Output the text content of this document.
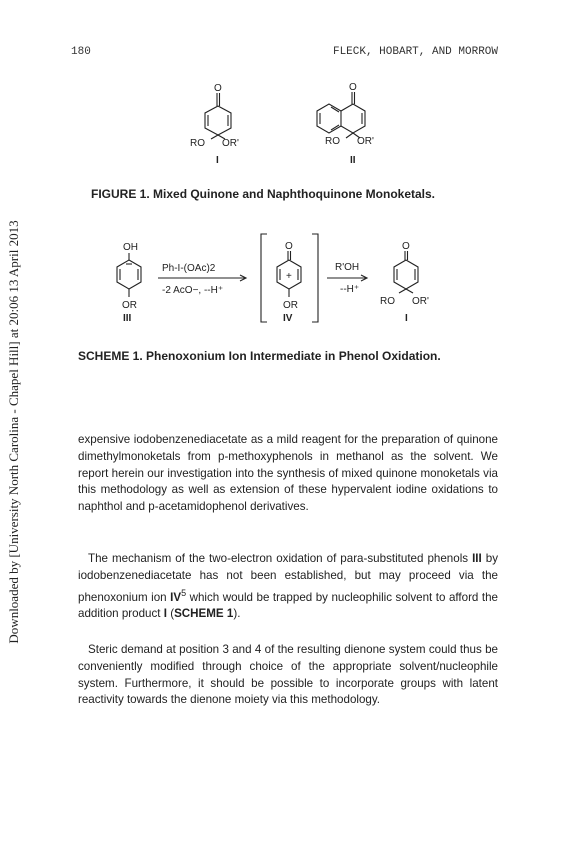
Downloaded by [University North Carolina - Chapel Hill] at 20:06 13 April 2013
180	FLECK, HOBART, AND MORROW
O
RO OR'
I
O
RO OR'
II
FIGURE 1. Mixed Quinone and Naphthoquinone Monoketals.
OH
OR
III
Ph-I-(OAc)2
-2 AcO−, --H⁺
O
+
OR
IV
R'OH
--H⁺
O
RO OR'
I
SCHEME 1. Phenoxonium Ion Intermediate in Phenol Oxidation.

expensive iodobenzenediacetate as a mild reagent for the preparation of quinone dimethylmonoketals from p-methoxyphenols in methanol as the solvent. We report herein our investigation into the synthesis of mixed quinone monoketals via this methodology as well as extension of these hypervalent iodine oxidations to naphthol and p-acetamidophenol derivatives.

The mechanism of the two-electron oxidation of para-substituted phenols III by iodobenzenediacetate has not been established, but may proceed via the phenoxonium ion $IV^5$ which would be trapped by nucleophilic solvent to afford the addition product I (SCHEME 1).

Steric demand at position 3 and 4 of the resulting dienone system could thus be conveniently modified through choice of the appropriate solvent/nucleophile system. Furthermore, it should be possible to incorporate groups with latent reactivity towards the dienone moiety via this methodology.
